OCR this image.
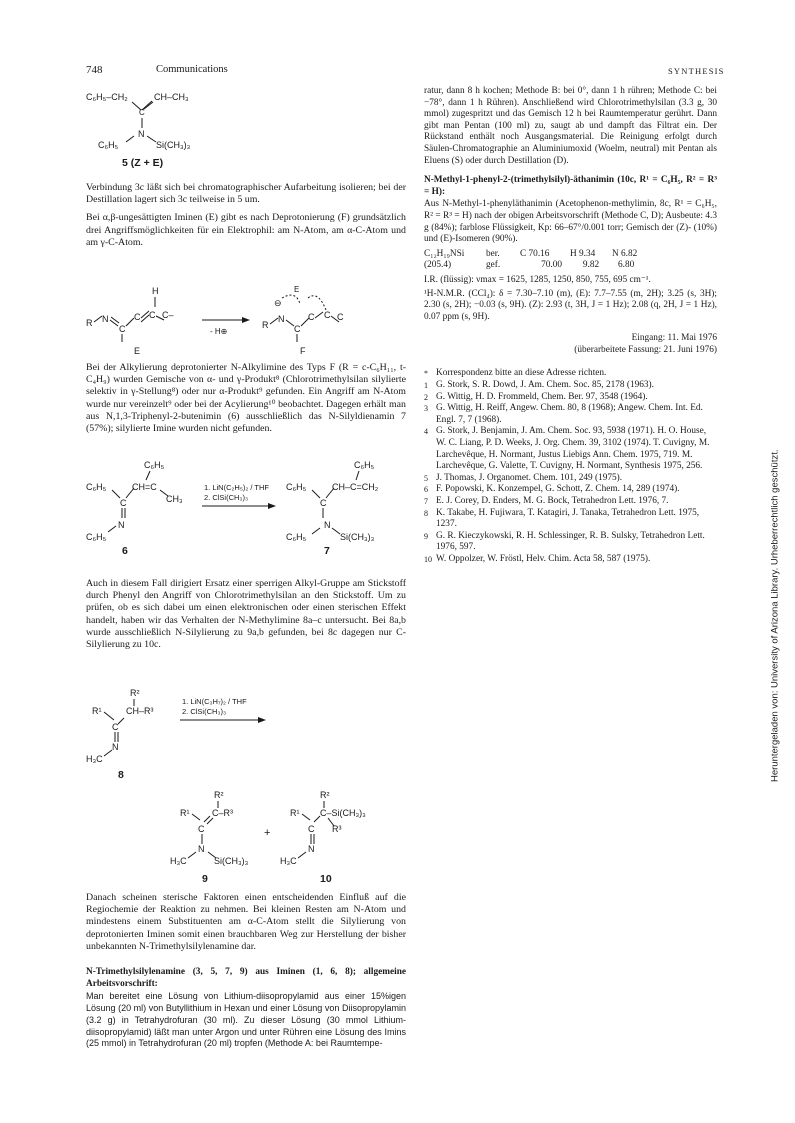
748	Communications	SYNTHESIS
Heruntergeladen von: University of Arizona Library. Urheberrechtlich geschützt.
C₆H₅–CH₂
C
CH–CH₃
N
C₆H₅	Si(CH₃)₃
5 (Z + E)

Verbindung 3c läßt sich bei chromatographischer Aufarbeitung isolieren; bei der Destillation lagert sich 3c teilweise in 5 um.

Bei α,β-ungesättigten Iminen (E) gibt es nach Deprotonierung (F) grundsätzlich drei Angriffsmöglichkeiten für ein Elektrophil: am N-Atom, am α-C-Atom und am γ-C-Atom.

H
R N
C
C C C–
E
- H⊕
E
⊖
R
N
C
C C C
F

Bei der Alkylierung deprotonierter N-Alkylimine des Typs F (R = c-C₆H₁₁, t-C₄H₉) wurden Gemische von α- und γ-Produkt⁸ (Chlorotrimethylsilan silylierte selektiv in γ-Stellung⁸) oder nur α-Produkt⁹ gefunden. Ein Angriff am N-Atom wurde nur vereinzelt⁹ oder bei der Acylierung¹⁰ beobachtet. Dagegen erhält man aus N,1,3-Triphenyl-2-butenimin (6) ausschließlich das N-Silyldienamin 7 (57%); silylierte Imine wurden nicht gefunden.

C₆H₅
C₆H₅
C
CH=C
CH₃
N
C₆H₅
6
1. LiN(C₂H₅)₂ / THF
2. ClSi(CH₃)₃
C₆H₅
C₆H₅
C
CH–C=CH₂
N
C₆H₅	Si(CH₃)₃
7

Auch in diesem Fall dirigiert Ersatz einer sperrigen Alkyl-Gruppe am Stickstoff durch Phenyl den Angriff von Chlorotrimethylsilan an den Stickstoff. Um zu prüfen, ob es sich dabei um einen elektronischen oder einen sterischen Effekt handelt, haben wir das Verhalten der N-Methylimine 8a–c untersucht. Bei 8a,b wurde ausschließlich N-Silylierung zu 9a,b gefunden, bei 8c dagegen nur C-Silylierung zu 10c.

R²
R¹	CH–R³
C
N
H₃C
8
1. LiN(C₃H₇)₂ / THF
2. ClSi(CH₃)₃
R²
R¹	C–R³
C
N
H₃C	Si(CH₃)₃
9
+
R²
R¹ C–Si(CH₃)₃
C R³
N
H₃C
10

Danach scheinen sterische Faktoren einen entscheidenden Einfluß auf die Regiochemie der Reaktion zu nehmen. Bei kleinen Resten am N-Atom und mindestens einem Substituenten am α-C-Atom stellt die Silylierung von deprotonierten Iminen somit einen brauchbaren Weg zur Herstellung der bisher unbekannten N-Trimethylsilylenamine dar.

N-Trimethylsilylenamine (3, 5, 7, 9) aus Iminen (1, 6, 8); allgemeine Arbeitsvorschrift:

Man bereitet eine Lösung von Lithium-diisopropylamid aus einer 15%igen Lösung (20 ml) von Butyllithium in Hexan und einer Lösung von Diisopropylamin (3.2 g) in Tetrahydrofuran (30 ml). Zu dieser Lösung (30 mmol Lithium-diisopropylamid) läßt man unter Argon und unter Rühren eine Lösung des Imins (25 mmol) in Tetrahydrofuran (20 ml) tropfen (Methode A: bei Raumtempe-

ratur, dann 8 h kochen; Methode B: bei 0°, dann 1 h rühren; Methode C: bei −78°, dann 1 h Rühren). Anschließend wird Chlorotrimethylsilan (3.3 g, 30 mmol) zugespritzt und das Gemisch 12 h bei Raumtemperatur gerührt. Dann gibt man Pentan (100 ml) zu, saugt ab und dampft das Filtrat ein. Der Rückstand enthält noch Ausgangsmaterial. Die Reinigung erfolgt durch Säulen-Chromatographie an Aluminiumoxid (Woelm, neutral) mit Pentan als Eluens (S) oder durch Destillation (D).

N-Methyl-1-phenyl-2-(trimethylsilyl)-äthanimin (10c, R¹ = C₆H₅, R² = R³ = H):

Aus N-Methyl-1-phenyläthanimin (Acetophenon-methylimin, 8c, R¹ = C₆H₅, R² = R³ = H) nach der obigen Arbeitsvorschrift (Methode C, D); Ausbeute: 4.3 g (84%); farblose Flüssigkeit, Kp: 66–67°/0.001 torr; Gemisch der (Z)- (10%) und (E)-Isomeren (90%).

C₁₂H₁₉NSi	ber.	C 70.16	H 9.34	N 6.82
(205.4)	gef.	70.00	9.82	6.80

I.R. (flüssig): νmax = 1625, 1285, 1250, 850, 755, 695 cm⁻¹.

¹H-N.M.R. (CCl₄): δ = 7.30–7.10 (m), (E): 7.7–7.55 (m, 2H); 3.25 (s, 3H); 2.30 (s, 2H); −0.03 (s, 9H). (Z): 2.93 (t, 3H, J = 1 Hz); 2.08 (q, 2H, J = 1 Hz), 0.07 ppm (s, 9H).

Eingang: 11. Mai 1976
(überarbeitete Fassung: 21. Juni 1976)
* Korrespondenz bitte an diese Adresse richten.
1 G. Stork, S. R. Dowd, J. Am. Chem. Soc. 85, 2178 (1963).
2 G. Wittig, H. D. Frommeld, Chem. Ber. 97, 3548 (1964).
3 G. Wittig, H. Reiff, Angew. Chem. 80, 8 (1968); Angew. Chem. Int. Ed. Engl. 7, 7 (1968).
4 G. Stork, J. Benjamin, J. Am. Chem. Soc. 93, 5938 (1971). H. O. House, W. C. Liang, P. D. Weeks, J. Org. Chem. 39, 3102 (1974). T. Cuvigny, M. Larchevêque, H. Normant, Justus Liebigs Ann. Chem. 1975, 719. M. Larchevêque, G. Valette, T. Cuvigny, H. Normant, Synthesis 1975, 256.
5 J. Thomas, J. Organomet. Chem. 101, 249 (1975).
6 F. Popowski, K. Konzempel, G. Schott, Z. Chem. 14, 289 (1974).
7 E. J. Corey, D. Enders, M. G. Bock, Tetrahedron Lett. 1976, 7.
8 K. Takabe, H. Fujiwara, T. Katagiri, J. Tanaka, Tetrahedron Lett. 1975, 1237.
9 G. R. Kieczykowski, R. H. Schlessinger, R. B. Sulsky, Tetrahedron Lett. 1976, 597.
10 W. Oppolzer, W. Fröstl, Helv. Chim. Acta 58, 587 (1975).
